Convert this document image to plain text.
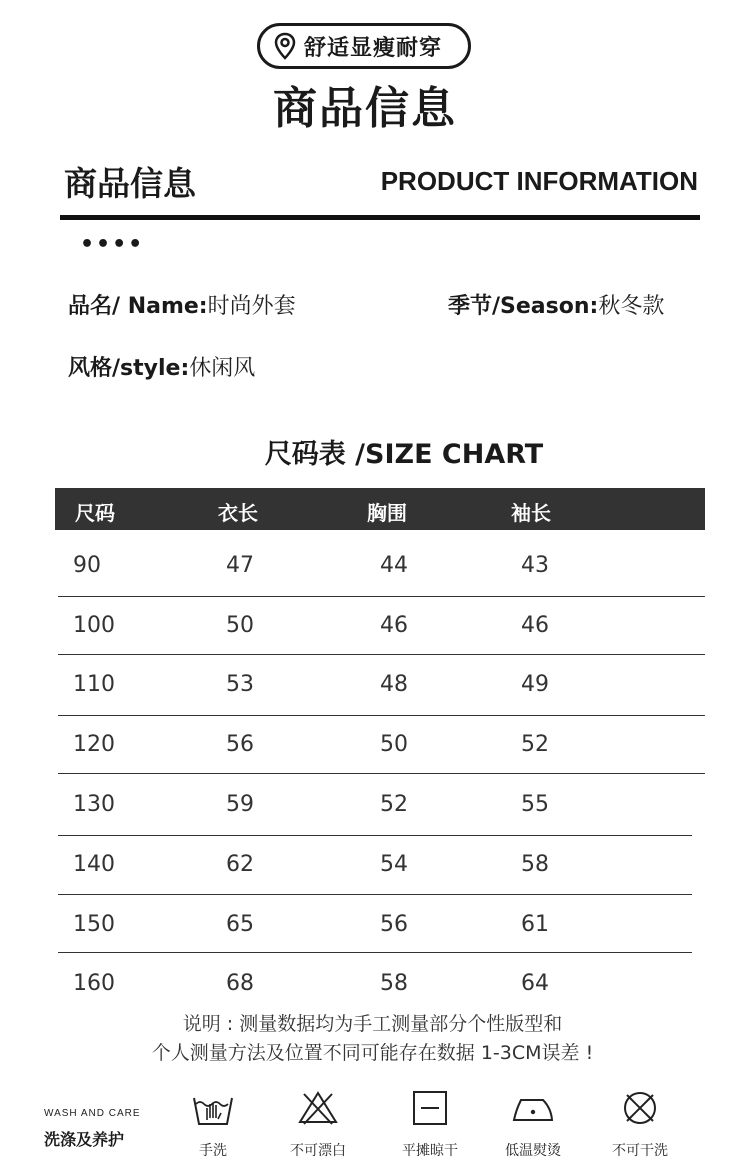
舒适显瘦耐穿
商品信息
商品信息	PRODUCT INFORMATION
••••
品名/ Name:时尚外套	季节/Season:秋冬款
风格/style:休闲风
尺码表 /SIZE CHART
尺码	衣长	胸围	袖长
90	47	44	43
100	50	46	46
110	53	48	49
120	56	50	52
130	59	52	55
140	62	54	58
150	65	56	61
160	68	58	64
说明 : 测量数据均为手工测量部分个性版型和
个人测量方法及位置不同可能存在数据 1-3CM误差 !
WASH AND CARE
洗涤及养护
手洗	不可漂白	平摊晾干	低温熨烫	不可干洗
